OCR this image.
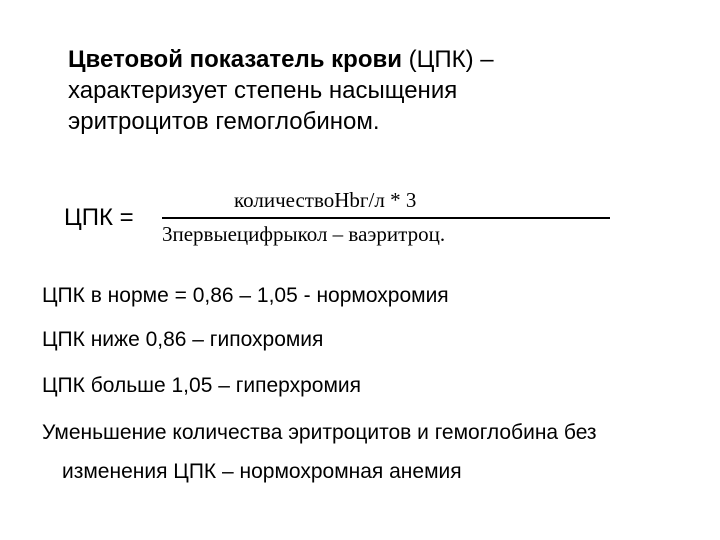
Цветовой показатель крови (ЦПК) –
характеризует степень насыщения
эритроцитов гемоглобином.
ЦПК =
количествоНbг/л * 3
3первыецифрыкол – ваэритроц.
ЦПК в норме = 0,86 – 1,05 - нормохромия
ЦПК ниже 0,86 – гипохромия
ЦПК больше 1,05 – гиперхромия
Уменьшение количества эритроцитов и гемоглобина без
изменения ЦПК – нормохромная анемия
